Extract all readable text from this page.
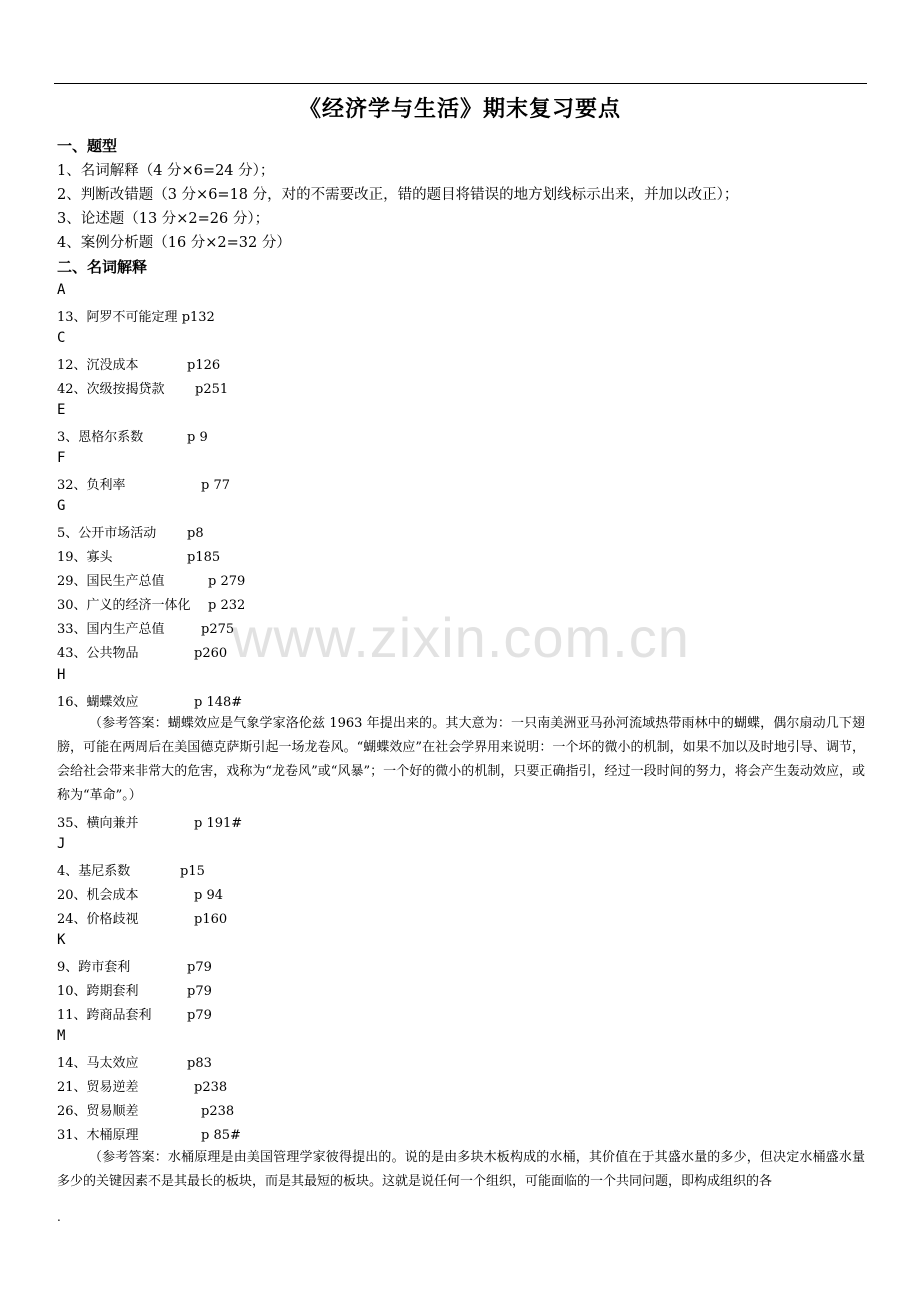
《经济学与生活》期末复习要点
一、题型
1、名词解释（4 分×6=24 分）；
2、判断改错题（3 分×6=18 分，对的不需要改正，错的题目将错误的地方划线标示出来，并加以改正）；
3、论述题（13 分×2=26 分）；
4、案例分析题（16 分×2=32 分）
二、名词解释
A
13、阿罗不可能定理 p132
C
12、沉没成本	p126
42、次级按揭贷款 p251
E
3、恩格尔系数	p 9
F
32、负利率	p 77
G
5、公开市场活动 p8
19、寡头	p185
29、国民生产总值	p 279
30、广义的经济一体化 p 232
33、国内生产总值	p275
43、公共物品	p260
H
16、蝴蝶效应	p 148#
（参考答案：蝴蝶效应是气象学家洛伦兹 1963 年提出来的。其大意为：一只南美洲亚马孙河流域热带雨林中的蝴蝶，偶尔扇动几下翅膀，可能在两周后在美国德克萨斯引起一场龙卷风。“蝴蝶效应”在社会学界用来说明：一个坏的微小的机制，如果不加以及时地引导、调节，会给社会带来非常大的危害，戏称为“龙卷风”或“风暴”；一个好的微小的机制，只要正确指引，经过一段时间的努力，将会产生轰动效应，或称为“革命”。）
35、横向兼并	p 191#
J
4、基尼系数	p15
20、机会成本	p 94
24、价格歧视	p160
K
9、跨市套利	p79
10、跨期套利	p79
11、跨商品套利	p79
M
14、马太效应	p83
21、贸易逆差	p238
26、贸易顺差	p238
31、木桶原理	p 85#
（参考答案：水桶原理是由美国管理学家彼得提出的。说的是由多块木板构成的水桶，其价值在于其盛水量的多少，但决定水桶盛水量多少的关键因素不是其最长的板块，而是其最短的板块。这就是说任何一个组织，可能面临的一个共同问题，即构成组织的各
.
www.zixin.com.cn
